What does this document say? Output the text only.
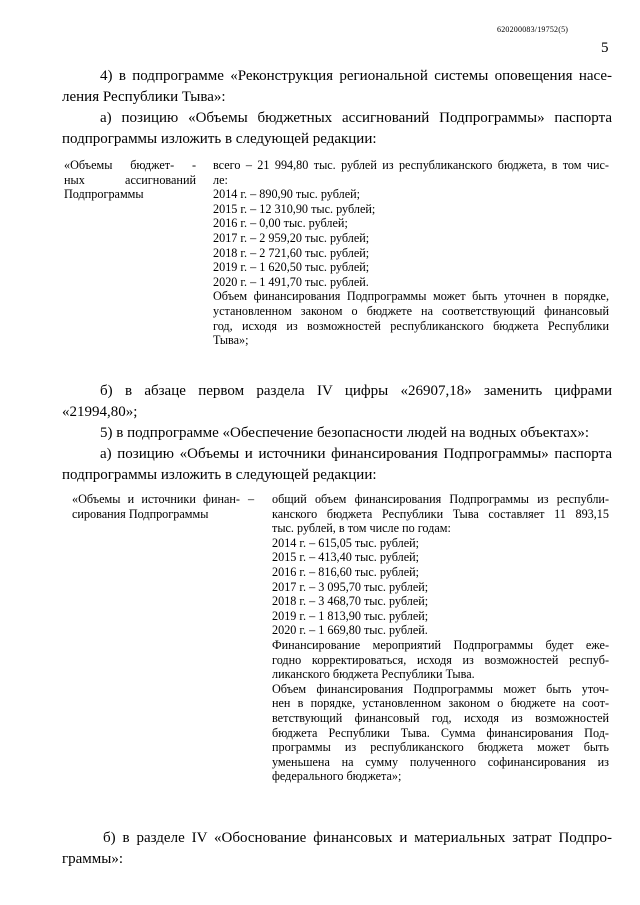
620200083/19752(5)
5
4) в подпрограмме «Реконструкция региональной системы оповещения насе-
ления Республики Тыва»:
а) позицию «Объемы бюджетных ассигнований Подпрограммы» паспорта
подпрограммы изложить в следующей редакции:
«Объемы бюджет- -
ных ассигнований
Подпрограммы
всего – 21 994,80 тыс. рублей из республиканского бюджета, в том чис-
ле:
2014 г. – 890,90 тыс. рублей;
2015 г. – 12 310,90 тыс. рублей;
2016 г. – 0,00 тыс. рублей;
2017 г. – 2 959,20 тыс. рублей;
2018 г. – 2 721,60 тыс. рублей;
2019 г. – 1 620,50 тыс. рублей;
2020 г. – 1 491,70 тыс. рублей.
Объем финансирования Подпрограммы может быть уточнен в порядке,
установленном законом о бюджете на соответствующий финансовый
год, исходя из возможностей республиканского бюджета Республики
Тыва»;
б) в абзаце первом раздела IV цифры «26907,18» заменить цифрами
«21994,80»;
5) в подпрограмме «Обеспечение безопасности людей на водных объектах»:
а) позицию «Объемы и источники финансирования Подпрограммы» паспорта
подпрограммы изложить в следующей редакции:
«Объемы и источники финан-
сирования Подпрограммы
– общий объем финансирования Подпрограммы из республи-
канского бюджета Республики Тыва составляет 11 893,15
тыс. рублей, в том числе по годам:
2014 г. – 615,05 тыс. рублей;
2015 г. – 413,40 тыс. рублей;
2016 г. – 816,60 тыс. рублей;
2017 г. – 3 095,70 тыс. рублей;
2018 г. – 3 468,70 тыс. рублей;
2019 г. – 1 813,90 тыс. рублей;
2020 г. – 1 669,80 тыс. рублей.
Финансирование мероприятий Подпрограммы будет еже-
годно корректироваться, исходя из возможностей респуб-
ликанского бюджета Республики Тыва.
Объем финансирования Подпрограммы может быть уточ-
нен в порядке, установленном законом о бюджете на соот-
ветствующий финансовый год, исходя из возможностей
бюджета Республики Тыва. Сумма финансирования Под-
программы из республиканского бюджета может быть
уменьшена на сумму полученного софинансирования из
федерального бюджета»;
б) в разделе IV «Обоснование финансовых и материальных затрат Подпро-
граммы»:
